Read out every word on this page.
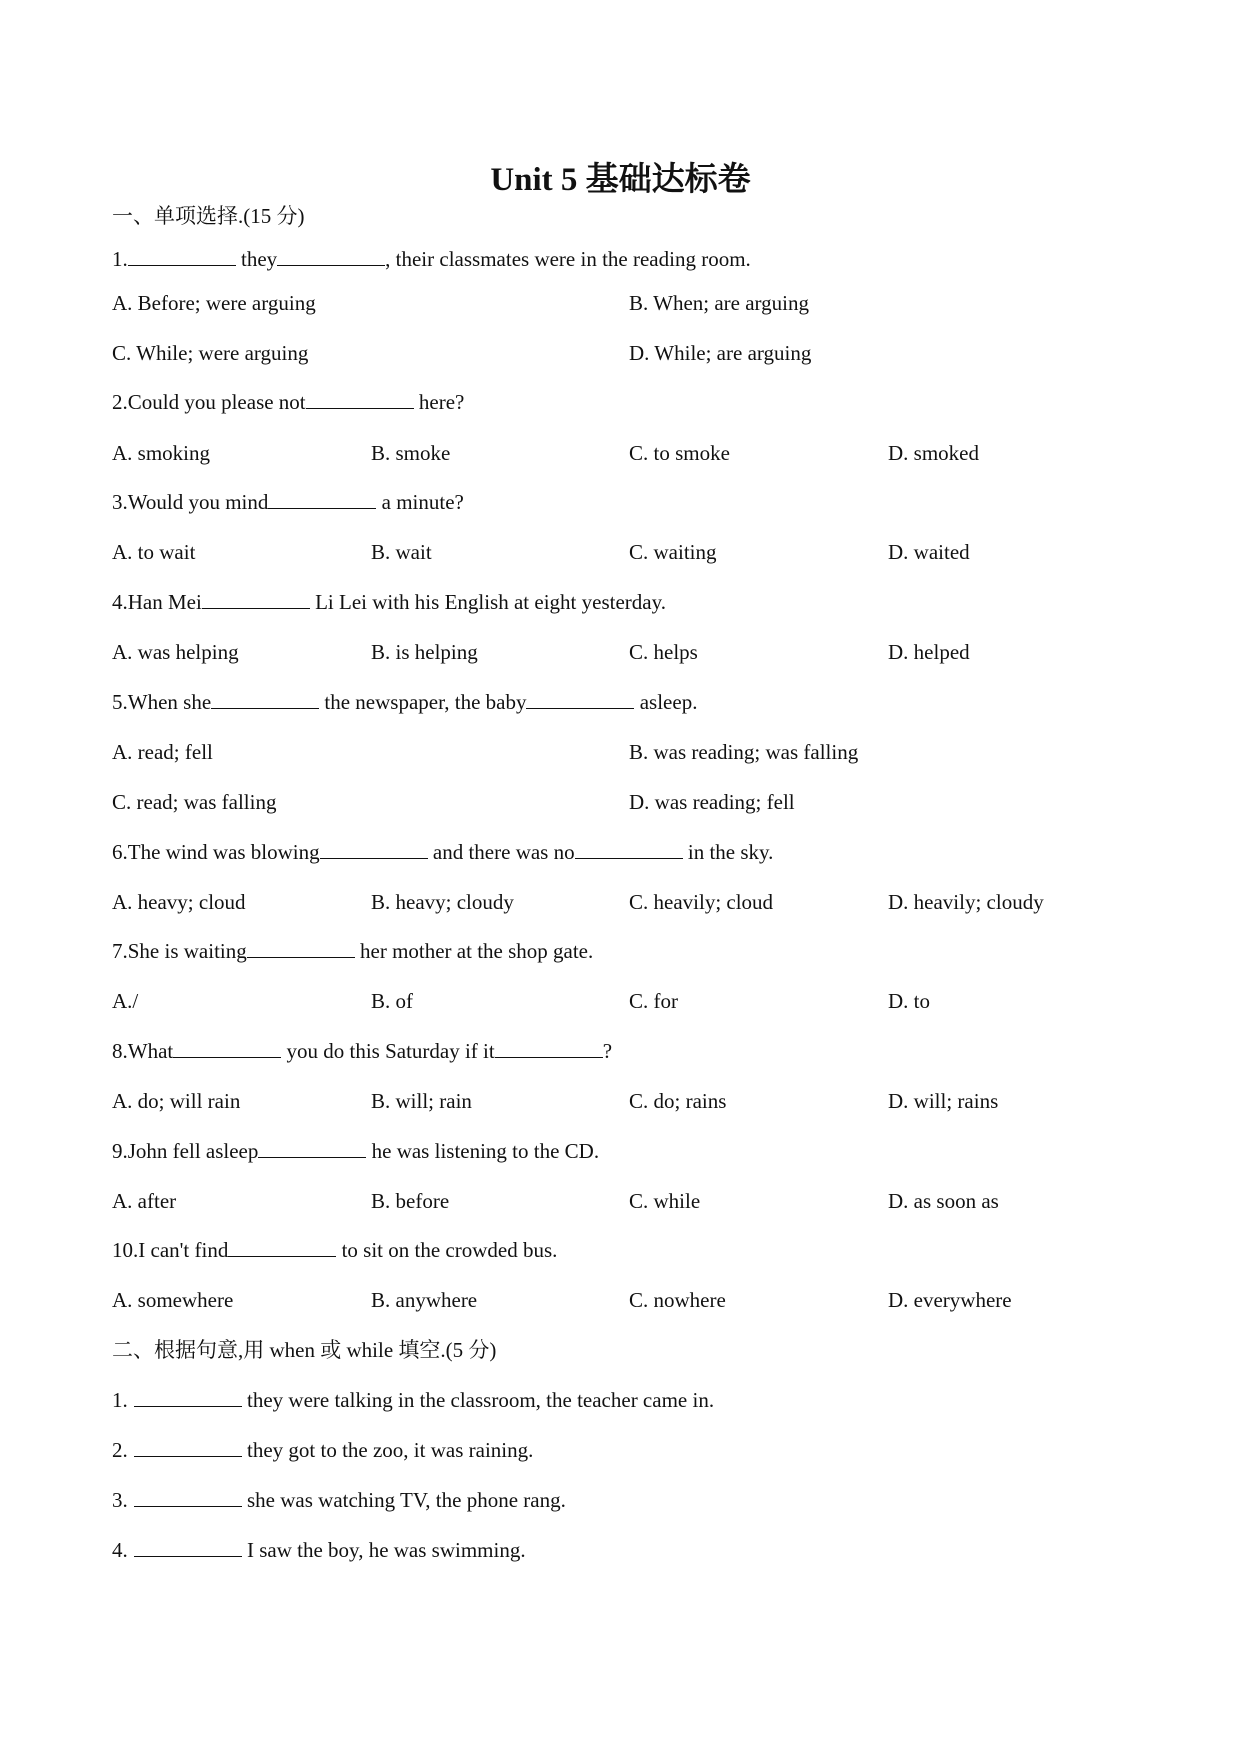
Unit 5 基础达标卷
一、单项选择.(15 分)
1.	they	, their classmates were in the reading room.
A. Before; were arguing	B. When; are arguing
C. While; were arguing	D. While; are arguing
2.Could you please not	here?
A. smoking	B. smoke	C. to smoke	D. smoked
3.Would you mind	a minute?
A. to wait	B. wait	C. waiting	D. waited
4.Han Mei	Li Lei with his English at eight yesterday.
A. was helping	B. is helping	C. helps	D. helped
5.When she	the newspaper, the baby	asleep.
A. read; fell	B. was reading; was falling
C. read; was falling	D. was reading; fell
6.The wind was blowing	and there was no	in the sky.
A. heavy; cloud	B. heavy; cloudy	C. heavily; cloud	D. heavily; cloudy
7.She is waiting	her mother at the shop gate.
A./	B. of	C. for	D. to
8.What	you do this Saturday if it	?
A. do; will rain	B. will; rain	C. do; rains	D. will; rains
9.John fell asleep	he was listening to the CD.
A. after	B. before	C. while	D. as soon as
10.I can't find	to sit on the crowded bus.
A. somewhere	B. anywhere	C. nowhere	D. everywhere
二、根据句意,用 when 或 while 填空.(5 分)
1.	they were talking in the classroom, the teacher came in.
2.	they got to the zoo, it was raining.
3.	she was watching TV, the phone rang.
4.	I saw the boy, he was swimming.
